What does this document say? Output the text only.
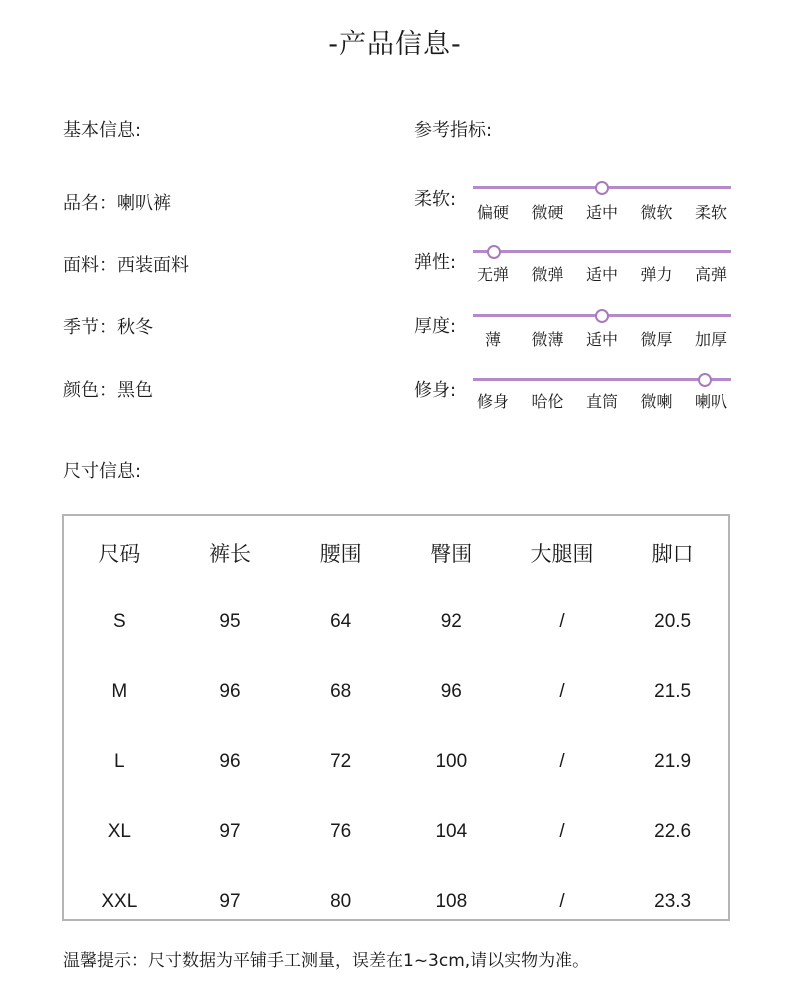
-产品信息-
基本信息:	参考指标:
品名：喇叭裤
面料：西装面料
季节：秋冬
颜色：黑色
柔软:
偏硬	微硬	适中	微软	柔软
弹性:
无弹	微弹	适中	弹力	高弹
厚度:
薄	微薄	适中	微厚	加厚
修身:
修身	哈伦	直筒	微喇	喇叭
尺寸信息:
尺码	裤长	腰围	臀围	大腿围	脚口
S	95	64	92	/	20.5
M	96	68	96	/	21.5
L	96	72	100	/	21.9
XL	97	76	104	/	22.6
XXL	97	80	108	/	23.3
温馨提示：尺寸数据为平铺手工测量，误差在1~3cm,请以实物为准。
